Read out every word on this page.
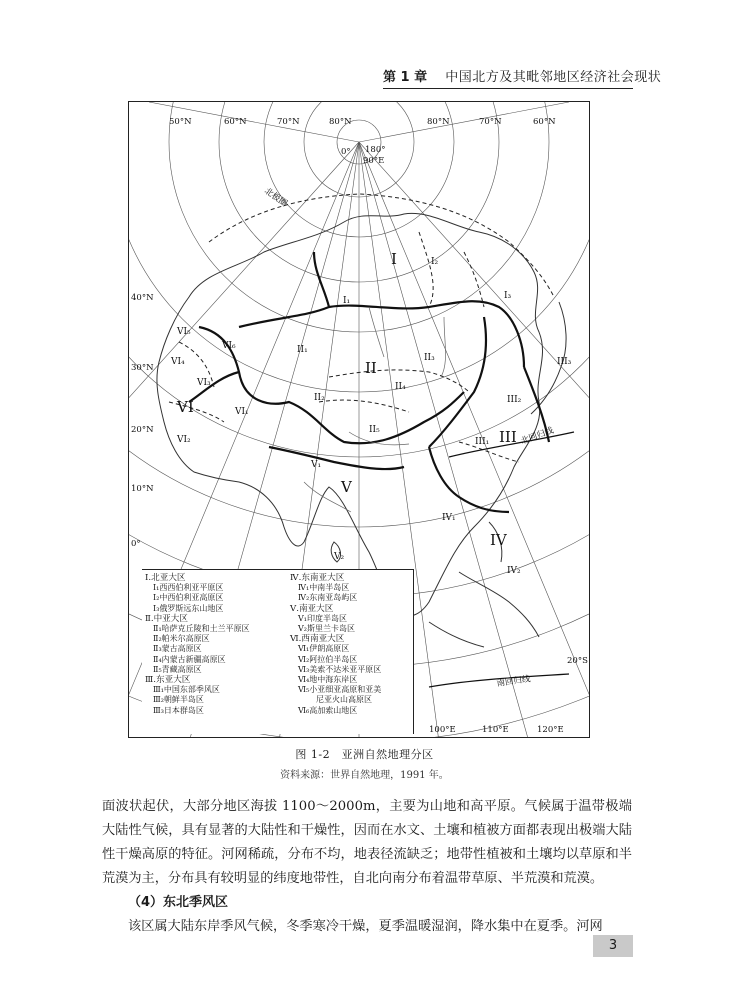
第 1 章 中国北方及其毗邻地区经济社会现状
50°N	60°N	70°N	80°N	80°N	70°N	60°N
40°N
30°N
20°N
10°N
0°
100°E	110°E	120°E
20°S
0° 180°
90°E
北极圈
北回归线
南回归线
I
I₁
I₂
I₃
II
II₁
II₂
II₃
II₄
II₅	III
III₁
III₂
III₃
IV
IV₁
IV₂
V
V₁
V₂
VI	VI₁
VI₂
VI₃
VI₄
VI₅
VI₆
Ⅰ.北亚大区
Ⅰ₁西西伯利亚平原区
Ⅰ₂中西伯利亚高原区
Ⅰ₃俄罗斯远东山地区
Ⅱ.中亚大区
Ⅱ₁哈萨克丘陵和土兰平原区
Ⅱ₂帕米尔高原区
Ⅱ₃蒙古高原区
Ⅱ₄内蒙古新疆高原区
Ⅱ₅青藏高原区
Ⅲ.东亚大区
Ⅲ₁中国东部季风区
Ⅲ₂朝鲜半岛区
Ⅲ₃日本群岛区
Ⅳ.东南亚大区
Ⅳ₁中南半岛区
Ⅳ₂东南亚岛屿区
Ⅴ.南亚大区
Ⅴ₁印度半岛区
Ⅴ₂斯里兰卡岛区
Ⅵ.西南亚大区
Ⅵ₁伊朗高原区
Ⅵ₂阿拉伯半岛区
Ⅵ₃美索不达米亚平原区
Ⅵ₄地中海东岸区
Ⅵ₅小亚细亚高原和亚美
尼亚火山高原区
Ⅵ₆高加索山地区
图 1-2　亚洲自然地理分区
资料来源：世界自然地理，1991 年。

面波状起伏，大部分地区海拔 1100～2000m，主要为山地和高平原。气候属于温带极端大陆性气候，具有显著的大陆性和干燥性，因而在水文、土壤和植被方面都表现出极端大陆性干燥高原的特征。河网稀疏，分布不均，地表径流缺乏；地带性植被和土壤均以草原和半荒漠为主，分布具有较明显的纬度地带性，自北向南分布着温带草原、半荒漠和荒漠。

（4）东北季风区

该区属大陆东岸季风气候，冬季寒冷干燥，夏季温暖湿润，降水集中在夏季。河网

3
